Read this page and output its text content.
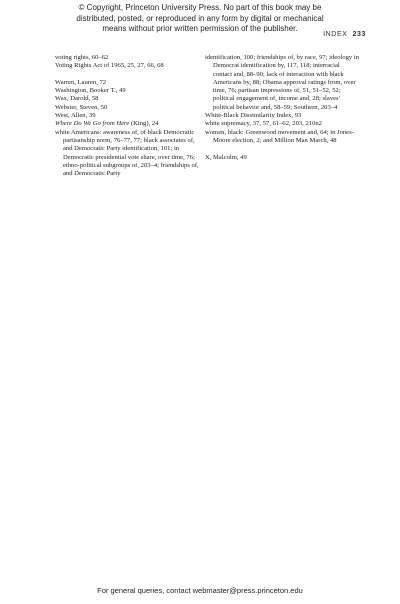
© Copyright, Princeton University Press. No part of this book may be
distributed, posted, or reproduced in any form by digital or mechanical
means without prior written permission of the publisher.
INDEX 233
voting rights, 60–62
Voting Rights Act of 1965, 25, 27, 66, 68
Warren, Lauren, 72
Washington, Booker T., 49
Wax, Darold, 58
Webster, Steven, 50
West, Allen, 39
Where Do We Go from Here (King), 24
white Americans: awareness of, of black Democratic partisanship norm, 76–77, 77; black associates of, and Democratic Party identification, 101; in Democratic presidential vote share, over time, 76; ethno-political subgroups of, 203–4; friendships of, and Democratic Party
identification, 100; friendships of, by race, 97; ideology in Democrat identification by, 117, 118; interracial contact and, 88–90; lack of interaction with black Americans by, 88; Obama approval ratings from, over time, 76; partisan impressions of, 51, 51–52, 52; political engagement of, income and, 28; slaves' political behavior and, 58–59; Southern, 203–4
White-Black Dissimilarity Index, 93
white supremacy, 37, 57, 61–62, 203, 210n2
women, black: Greenwood movement and, 64; in Jones-Moore election, 2; and Million Man March, 48
X, Malcolm, 49
For general queries, contact webmaster@press.princeton.edu
